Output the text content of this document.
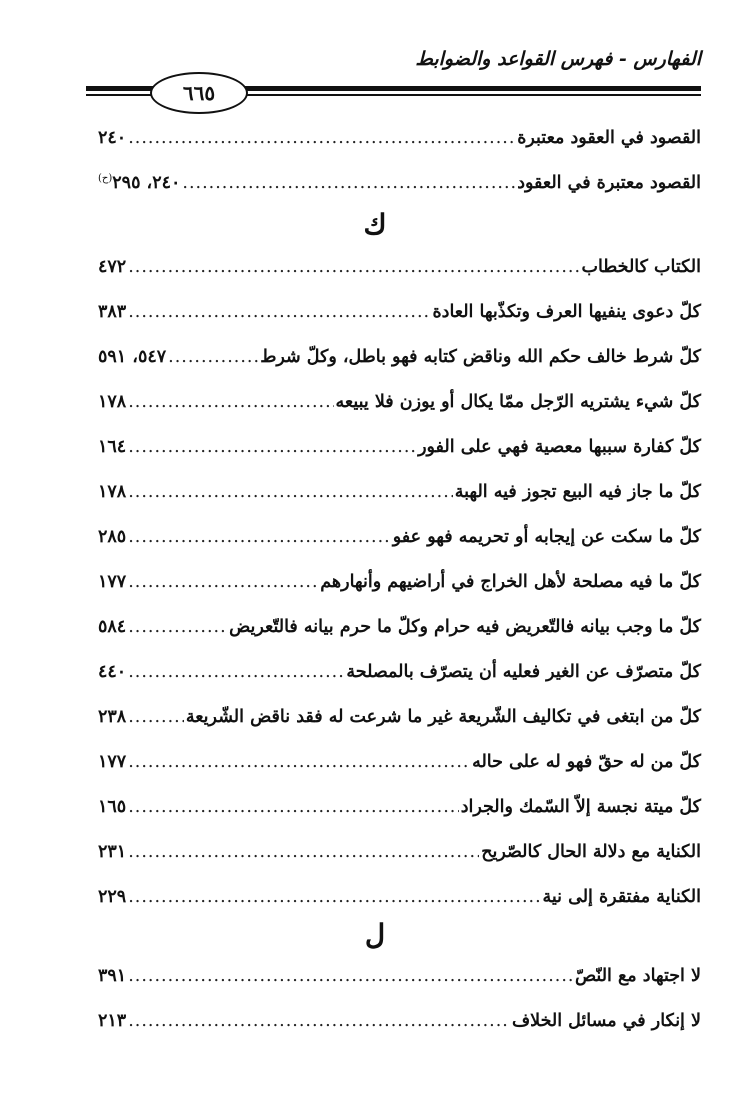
الفهارس - فهرس القواعد والضوابط
٦٦٥
القصود في العقود معتبرة
.....
٢٤٠
القصود معتبرة في العقود
.....
٢٤٠، $٢٩٥^{(ح)}$
ك
الكتاب كالخطاب
.....
٤٧٢
كلّ دعوى ينفيها العرف وتكذّبها العادة
.....
٣٨٣
كلّ شرط خالف حكم الله وناقض كتابه فهو باطل، وكلّ شرط
.....
٥٤٧، ٥٩١
كلّ شيء يشتريه الرّجل ممّا يكال أو يوزن فلا يبيعه
.....
١٧٨
كلّ كفارة سببها معصية فهي على الفور
.....
١٦٤
كلّ ما جاز فيه البيع تجوز فيه الهبة
.....
١٧٨
كلّ ما سكت عن إيجابه أو تحريمه فهو عفو
.....
٢٨٥
كلّ ما فيه مصلحة لأهل الخراج في أراضيهم وأنهارهم
.....
١٧٧
كلّ ما وجب بيانه فالتّعريض فيه حرام وكلّ ما حرم بيانه فالتّعريض
.....
٥٨٤
كلّ متصرّف عن الغير فعليه أن يتصرّف بالمصلحة
.....
٤٤٠
كلّ من ابتغى في تكاليف الشّريعة غير ما شرعت له فقد ناقض الشّريعة
.....
٢٣٨
كلّ من له حقّ فهو له على حاله
.....
١٧٧
كلّ ميتة نجسة إلاّ السّمك والجراد
.....
١٦٥
الكناية مع دلالة الحال كالصّريح
.....
٢٣١
الكناية مفتقرة إلى نية
.....
٢٢٩
ل
لا اجتهاد مع النّصّ
.....
٣٩١
لا إنكار في مسائل الخلاف
.....
٢١٣
